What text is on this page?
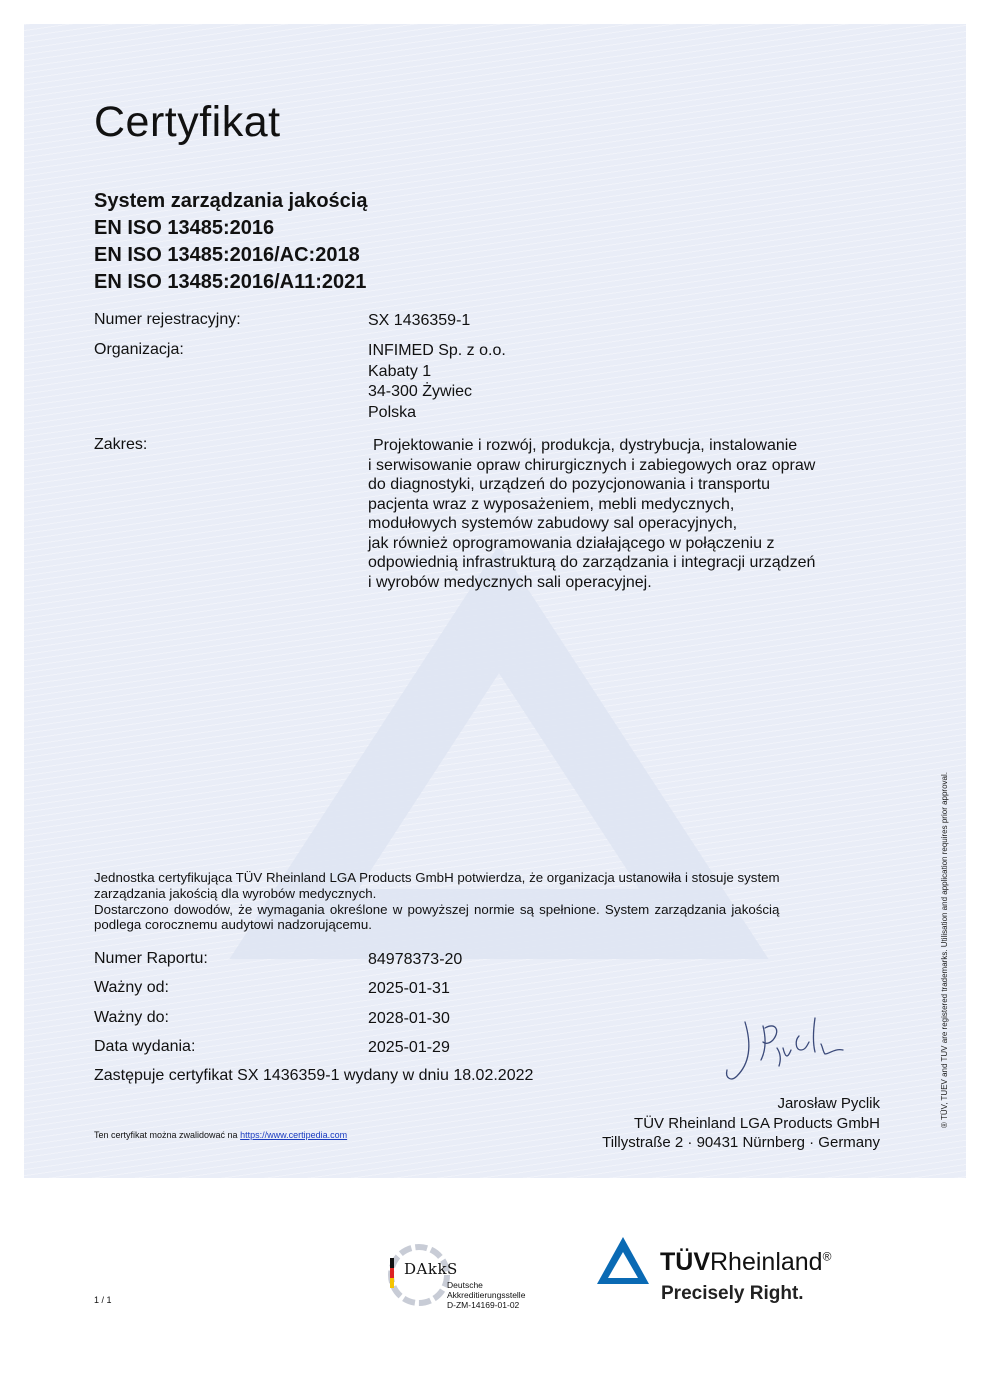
Certyfikat
System zarządzania jakością
EN ISO 13485:2016
EN ISO 13485:2016/AC:2018
EN ISO 13485:2016/A11:2021
Numer rejestracyjny:	SX 1436359-1
Organizacja:	INFIMED Sp. z o.o.
Kabaty 1
34-300 Żywiec
Polska
Zakres:	Projektowanie i rozwój, produkcja, dystrybucja, instalowanie
i serwisowanie opraw chirurgicznych i zabiegowych oraz opraw
do diagnostyki, urządzeń do pozycjonowania i transportu
pacjenta wraz z wyposażeniem, mebli medycznych,
modułowych systemów zabudowy sal operacyjnych,
jak również oprogramowania działającego w połączeniu z
odpowiednią infrastrukturą do zarządzania i integracji urządzeń
i wyrobów medycznych sali operacyjnej.
Jednostka certyfikująca TÜV Rheinland LGA Products GmbH potwierdza, że organizacja ustanowiła i stosuje system
zarządzania jakością dla wyrobów medycznych.
Dostarczono dowodów, że wymagania określone w powyższej normie są spełnione. System zarządzania jakością
podlega corocznemu audytowi nadzorującemu.
Numer Raportu:	84978373-20
Ważny od:	2025-01-31
Ważny do:	2028-01-30
Data wydania:	2025-01-29
Zastępuje certyfikat SX 1436359-1 wydany w dniu 18.02.2022
Jarosław Pyclik
TÜV Rheinland LGA Products GmbH
Tillystraße 2 · 90431 Nürnberg · Germany
Ten certyfikat można zwalidować na https://www.certipedia.com
® TÜV, TUEV and TUV are registered trademarks. Utilisation and application requires prior approval.
1 / 1
DAkkS
Deutsche
Akkreditierungsstelle
D-ZM-14169-01-02
TÜVRheinland®
Precisely Right.
